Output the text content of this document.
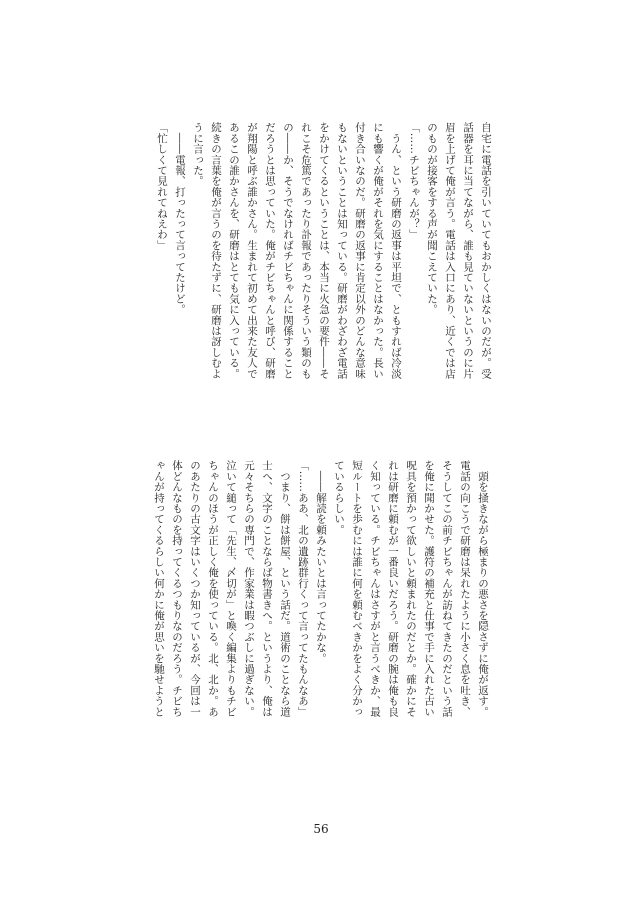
自宅に電話を引いていてもおかしくはないのだが。受
話器を耳に当てながら、誰も見ていないというのに片
眉を上げて俺が言う。電話は入口にあり、近くでは店
のものが接客をする声が聞こえていた。
「……チビちゃんが？」
　うん、という研磨の返事は平坦で、ともすれば冷淡
にも響くが俺がそれを気にすることはなかった。長い
付き合いなのだ。研磨の返事に肯定以外のどんな意味
もないということは知っている。研磨がわざわざ電話
をかけてくるということは、本当に火急の要件――そ
れこそ危篤であったり訃報であったりそういう類のも
の――か、そうでなければチビちゃんに関係すること
だろうとは思っていた。俺がチビちゃんと呼び、研磨
が翔陽と呼ぶ誰かさん。生まれて初めて出来た友人で
あるこの誰かさんを、研磨はとても気に入っている。
続きの言葉を俺が言うのを待たずに、研磨は訝しむよ
うに言った。
　――電報、打ったって言ってたけど。
「忙しくて見れてねえわ」
　頭を掻きながら極まりの悪さを隠さずに俺が返す。
電話の向こうで研磨は呆れたように小さく息を吐き、
そうしてこの前チビちゃんが訪ねてきたのだという話
を俺に聞かせた。護符の補充と仕事で手に入れた古い
呪具を預かって欲しいと頼まれたのだとか。確かにそ
れは研磨に頼むが一番良いだろう。研磨の腕は俺も良
く知っている。チビちゃんはさすがと言うべきか、最
短ルートを歩むには誰に何を頼むべきかをよく分かっ
ているらしい。
　――解読を頼みたいとは言ってたかな。
「……ああ、北の遺跡群行くって言ってたもんなあ」
　つまり、餅は餅屋、という話だ。道術のことなら道
士へ、文字のことならば物書きへ。というより、俺は
元々そちらの専門で、作家業は暇つぶしに過ぎない。
泣いて縋って「先生、〆切が」と喚く編集よりもチビ
ちゃんのほうが正しく俺を使っている。北、北か。あ
のあたりの古文字はいくつか知っているが、今回は一
体どんなものを持ってくるつもりなのだろう。チビち
ゃんが持ってくるらしい何かに俺が思いを馳せようと
56
